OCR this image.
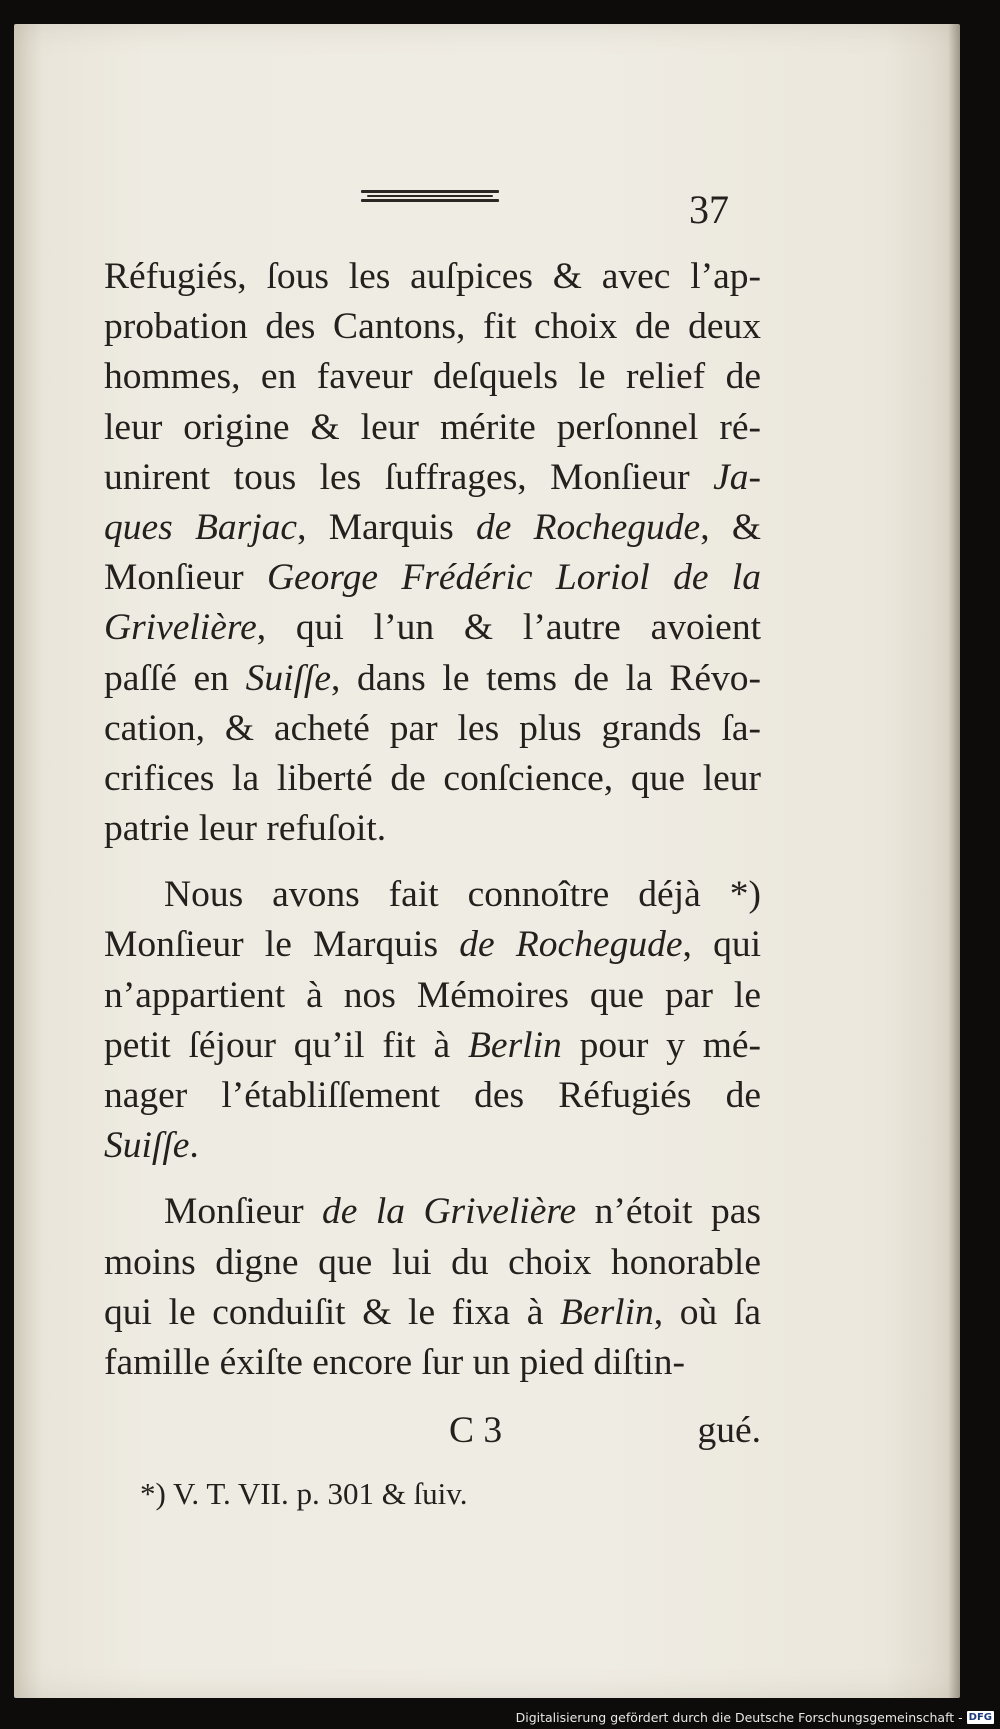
37
Réfugiés, ſous les auſpices & avec l’ap-
probation des Cantons, fit choix de deux
hommes, en faveur deſquels le relief de
leur origine & leur mérite perſonnel ré-
unirent tous les ſuffrages, Monſieur Ja-
ques Barjac, Marquis de Rochegude, &
Monſieur George Frédéric Loriol de la
Grivelière, qui l’un & l’autre avoient
paſſé en Suiſſe, dans le tems de la Révo-
cation, & acheté par les plus grands ſa-
crifices la liberté de conſcience, que leur
patrie leur refuſoit.
Nous avons fait connoître déjà *)
Monſieur le Marquis de Rochegude, qui
n’appartient à nos Mémoires que par le
petit ſéjour qu’il fit à Berlin pour y mé-
nager l’établiſſement des Réfugiés de
Suiſſe.
Monſieur de la Grivelière n’étoit pas
moins digne que lui du choix honorable
qui le conduiſit & le fixa à Berlin, où ſa
famille éxiſte encore ſur un pied diſtin-
C 3	gué.
*) V. T. VII. p. 301 & ſuiv.
Digitalisierung gefördert durch die Deutsche Forschungsgemeinschaft - DFG
